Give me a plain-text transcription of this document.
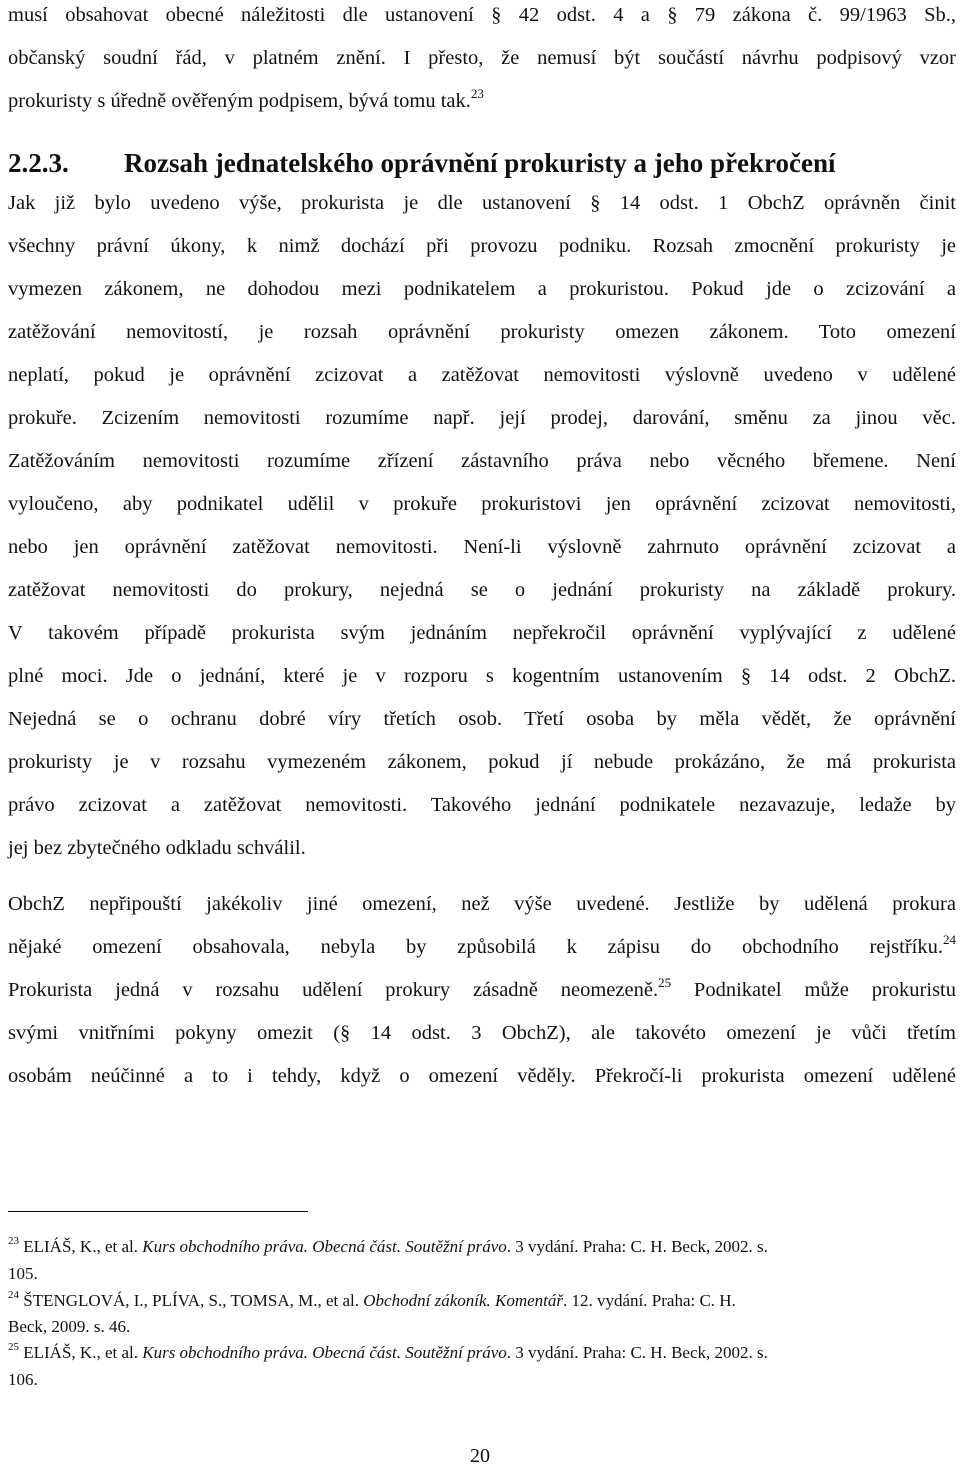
musí obsahovat obecné náležitosti dle ustanovení § 42 odst. 4 a § 79 zákona č. 99/1963 Sb.,
občanský soudní řád, v platném znění. I přesto, že nemusí být součástí návrhu podpisový vzor
prokuristy s úředně ověřeným podpisem, bývá tomu tak.$^{23}$
2.2.3. Rozsah jednatelského oprávnění prokuristy a jeho překročení
Jak již bylo uvedeno výše, prokurista je dle ustanovení § 14 odst. 1 ObchZ oprávněn činit
všechny právní úkony, k nimž dochází při provozu podniku. Rozsah zmocnění prokuristy je
vymezen zákonem, ne dohodou mezi podnikatelem a prokuristou. Pokud jde o zcizování a
zatěžování nemovitostí, je rozsah oprávnění prokuristy omezen zákonem. Toto omezení
neplatí, pokud je oprávnění zcizovat a zatěžovat nemovitosti výslovně uvedeno v udělené
prokuře. Zcizením nemovitosti rozumíme např. její prodej, darování, směnu za jinou věc.
Zatěžováním nemovitosti rozumíme zřízení zástavního práva nebo věcného břemene. Není
vyloučeno, aby podnikatel udělil v prokuře prokuristovi jen oprávnění zcizovat nemovitosti,
nebo jen oprávnění zatěžovat nemovitosti. Není-li výslovně zahrnuto oprávnění zcizovat a
zatěžovat nemovitosti do prokury, nejedná se o jednání prokuristy na základě prokury.
V takovém případě prokurista svým jednáním nepřekročil oprávnění vyplývající z udělené
plné moci. Jde o jednání, které je v rozporu s kogentním ustanovením § 14 odst. 2 ObchZ.
Nejedná se o ochranu dobré víry třetích osob. Třetí osoba by měla vědět, že oprávnění
prokuristy je v rozsahu vymezeném zákonem, pokud jí nebude prokázáno, že má prokurista
právo zcizovat a zatěžovat nemovitosti. Takového jednání podnikatele nezavazuje, ledaže by
jej bez zbytečného odkladu schválil.
ObchZ nepřipouští jakékoliv jiné omezení, než výše uvedené. Jestliže by udělená prokura
nějaké omezení obsahovala, nebyla by způsobilá k zápisu do obchodního rejstříku.$^{24}$
Prokurista jedná v rozsahu udělení prokury zásadně neomezeně.$^{25}$ Podnikatel může prokuristu
svými vnitřními pokyny omezit (§ 14 odst. 3 ObchZ), ale takovéto omezení je vůči třetím
osobám neúčinné a to i tehdy, když o omezení věděly. Překročí-li prokurista omezení udělené
$^{23}$ ELIÁŠ, K., et al. Kurs obchodního práva. Obecná část. Soutěžní právo. 3 vydání. Praha: C. H. Beck, 2002. s.
105.
$^{24}$ ŠTENGLOVÁ, I., PLÍVA, S., TOMSA, M., et al. Obchodní zákoník. Komentář. 12. vydání. Praha: C. H.
Beck, 2009. s. 46.
$^{25}$ ELIÁŠ, K., et al. Kurs obchodního práva. Obecná část. Soutěžní právo. 3 vydání. Praha: C. H. Beck, 2002. s.
106.
20
